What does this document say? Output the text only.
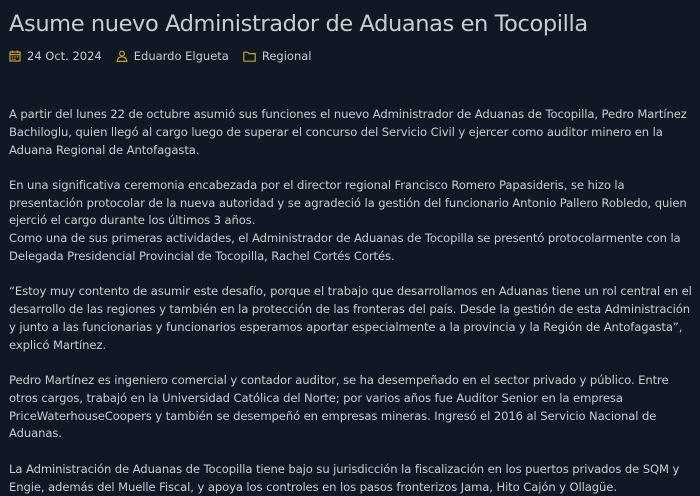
Asume nuevo Administrador de Aduanas en Tocopilla
24 Oct. 2024	Eduardo Elgueta	Regional

A partir del lunes 22 de octubre asumió sus funciones el nuevo Administrador de Aduanas de Tocopilla, Pedro Martínez Bachiloglu, quien llegó al cargo luego de superar el concurso del Servicio Civil y ejercer como auditor minero en la Aduana Regional de Antofagasta.

En una significativa ceremonia encabezada por el director regional Francisco Romero Papasideris, se hizo la presentación protocolar de la nueva autoridad y se agradeció la gestión del funcionario Antonio Pallero Robledo, quien ejerció el cargo durante los últimos 3 años.

Como una de sus primeras actividades, el Administrador de Aduanas de Tocopilla se presentó protocolarmente con la Delegada Presidencial Provincial de Tocopilla, Rachel Cortés Cortés.

“Estoy muy contento de asumir este desafío, porque el trabajo que desarrollamos en Aduanas tiene un rol central en el desarrollo de las regiones y también en la protección de las fronteras del país. Desde la gestión de esta Administración y junto a las funcionarias y funcionarios esperamos aportar especialmente a la provincia y la Región de Antofagasta”, explicó Martínez.

Pedro Martínez es ingeniero comercial y contador auditor, se ha desempeñado en el sector privado y público. Entre otros cargos, trabajó en la Universidad Católica del Norte; por varios años fue Auditor Senior en la empresa PriceWaterhouseCoopers y también se desempeñó en empresas mineras. Ingresó el 2016 al Servicio Nacional de Aduanas.

La Administración de Aduanas de Tocopilla tiene bajo su jurisdicción la fiscalización en los puertos privados de SQM y Engie, además del Muelle Fiscal, y apoya los controles en los pasos fronterizos Jama, Hito Cajón y Ollagüe.
